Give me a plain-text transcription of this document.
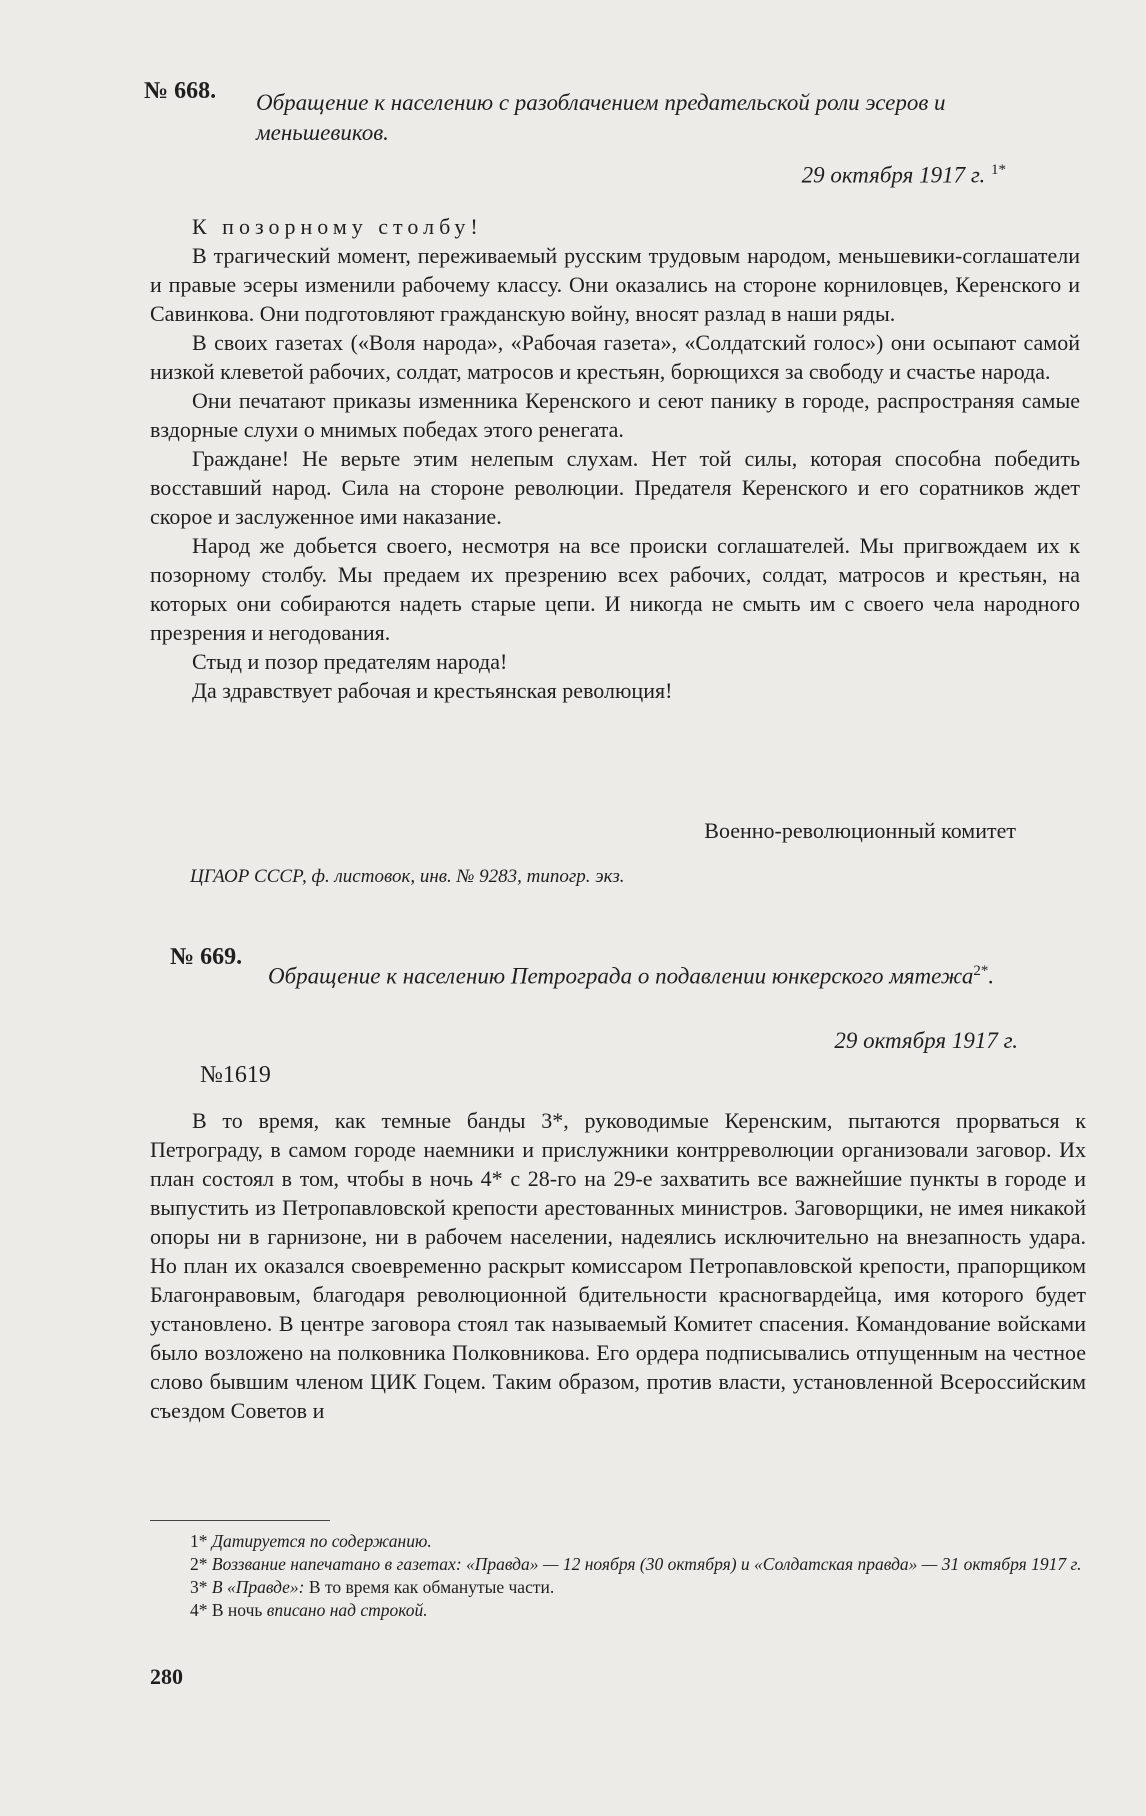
№ 668. Обращение к населению с разоблачением предательской роли эсеров и меньшевиков.
29 октября 1917 г. $^{1*}$

К позорному столбу!

В трагический момент, переживаемый русским трудовым народом, меньшевики-соглашатели и правые эсеры изменили рабочему классу. Они оказались на стороне корниловцев, Керенского и Савинкова. Они подготовляют гражданскую войну, вносят разлад в наши ряды.

В своих газетах («Воля народа», «Рабочая газета», «Солдатский голос») они осыпают самой низкой клеветой рабочих, солдат, матросов и крестьян, борющихся за свободу и счастье народа.

Они печатают приказы изменника Керенского и сеют панику в городе, распространяя самые вздорные слухи о мнимых победах этого ренегата.

Граждане! Не верьте этим нелепым слухам. Нет той силы, которая способна победить восставший народ. Сила на стороне революции. Предателя Керенского и его соратников ждет скорое и заслуженное ими наказание.

Народ же добьется своего, несмотря на все происки соглашателей. Мы пригвождаем их к позорному столбу. Мы предаем их презрению всех рабочих, солдат, матросов и крестьян, на которых они собираются надеть старые цепи. И никогда не смыть им с своего чела народного презрения и негодования.

Стыд и позор предателям народа!

Да здравствует рабочая и крестьянская революция!

Военно-революционный комитет
ЦГАОР СССР, ф. листовок, инв. № 9283, типогр. экз.
№ 669.
Обращение к населению Петрограда о подавлении юнкерского мятежа$^{2*}$.
29 октября 1917 г.
№1619

В то время, как темные банды 3*, руководимые Керенским, пытаются прорваться к Петрограду, в самом городе наемники и прислужники контрреволюции организовали заговор. Их план состоял в том, чтобы в ночь 4* с 28-го на 29-е захватить все важнейшие пункты в городе и выпустить из Петропавловской крепости арестованных министров. Заговорщики, не имея никакой опоры ни в гарнизоне, ни в рабочем населении, надеялись исключительно на внезапность удара. Но план их оказался своевременно раскрыт комиссаром Петропавловской крепости, прапорщиком Благонравовым, благодаря революционной бдительности красногвардейца, имя которого будет установлено. В центре заговора стоял так называемый Комитет спасения. Командование войсками было возложено на полковника Полковникова. Его ордера подписывались отпущенным на честное слово бывшим членом ЦИК Гоцем. Таким образом, против власти, установленной Всероссийским съездом Советов и

1* Датируется по содержанию.

2* Воззвание напечатано в газетах: «Правда» — 12 ноября (30 октября) и «Солдатская правда» — 31 октября 1917 г.

3* В «Правде»: В то время как обманутые части.

4* В ночь вписано над строкой.

280
